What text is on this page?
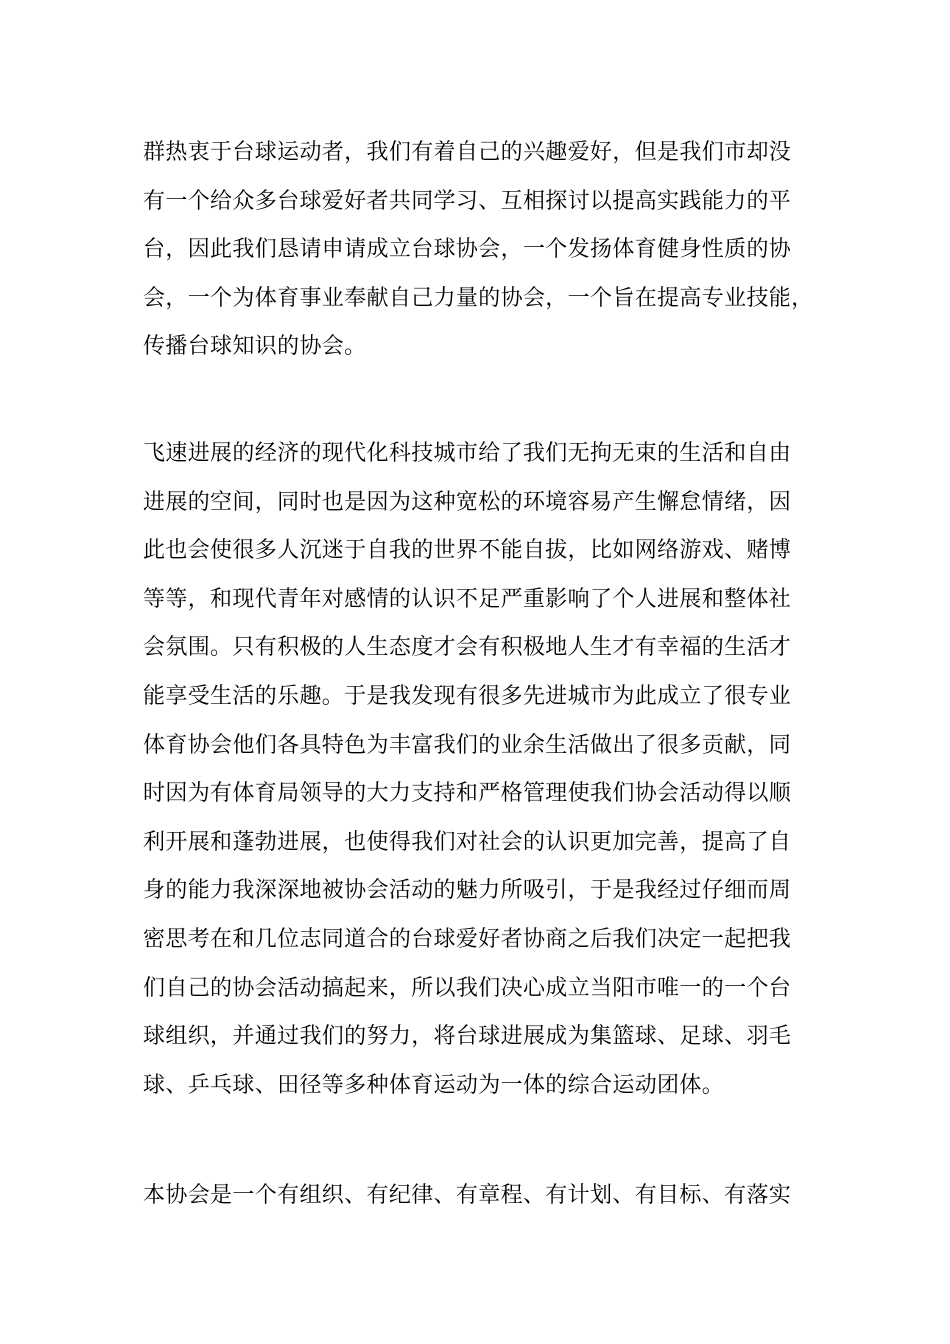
群热衷于台球运动者，我们有着自己的兴趣爱好，但是我们市却没
有一个给众多台球爱好者共同学习、互相探讨以提高实践能力的平
台，因此我们恳请申请成立台球协会，一个发扬体育健身性质的协
会，一个为体育事业奉献自己力量的协会，一个旨在提高专业技能，
传播台球知识的协会。
飞速进展的经济的现代化科技城市给了我们无拘无束的生活和自由
进展的空间，同时也是因为这种宽松的环境容易产生懈怠情绪，因
此也会使很多人沉迷于自我的世界不能自拔，比如网络游戏、赌博
等等，和现代青年对感情的认识不足严重影响了个人进展和整体社
会氛围。只有积极的人生态度才会有积极地人生才有幸福的生活才
能享受生活的乐趣。于是我发现有很多先进城市为此成立了很专业
体育协会他们各具特色为丰富我们的业余生活做出了很多贡献，同
时因为有体育局领导的大力支持和严格管理使我们协会活动得以顺
利开展和蓬勃进展，也使得我们对社会的认识更加完善，提高了自
身的能力我深深地被协会活动的魅力所吸引，于是我经过仔细而周
密思考在和几位志同道合的台球爱好者协商之后我们决定一起把我
们自己的协会活动搞起来，所以我们决心成立当阳市唯一的一个台
球组织，并通过我们的努力，将台球进展成为集篮球、足球、羽毛
球、乒乓球、田径等多种体育运动为一体的综合运动团体。
本协会是一个有组织、有纪律、有章程、有计划、有目标、有落实
